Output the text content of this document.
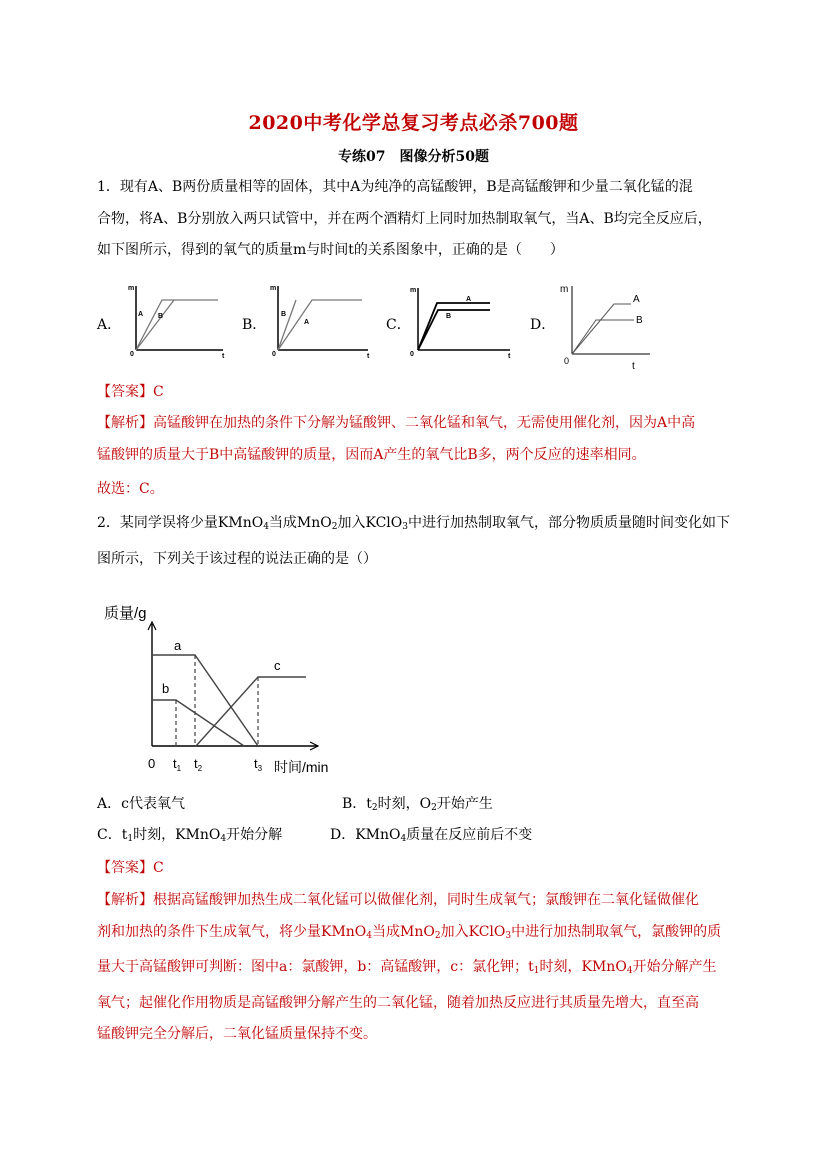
2020中考化学总复习考点必杀700题
专练07　图像分析50题
1．现有A、B两份质量相等的固体，其中A为纯净的高锰酸钾，B是高锰酸钾和少量二氧化锰的混
合物，将A、B分别放入两只试管中，并在两个酒精灯上同时加热制取氧气，当A、B均完全反应后，
如下图所示，得到的氧气的质量m与时间t的关系图象中，正确的是（　　）
A．	B．	C．	D．
m
t
0
A B
m
t
0
B
A
m
t
0
A
B
m
t
0
A
B
【答案】C
【解析】高锰酸钾在加热的条件下分解为锰酸钾、二氧化锰和氧气，无需使用催化剂，因为A中高
锰酸钾的质量大于B中高锰酸钾的质量，因而A产生的氧气比B多，两个反应的速率相同。
故选：C。
2．某同学误将少量KMnO$_4$当成MnO$_2$加入KClO$_3$中进行加热制取氧气，部分物质质量随时间变化如下
图所示，下列关于该过程的说法正确的是（）
质量/g
a
b
c
0 $t_1$ $t_2$	$t_3$ 时间/min
A．c代表氧气	B．$t_2$时刻，$O_2$开始产生
C．$t_1$时刻，KMnO$_4$开始分解	D．KMnO$_4$质量在反应前后不变
【答案】C
【解析】根据高锰酸钾加热生成二氧化锰可以做催化剂，同时生成氧气；氯酸钾在二氧化锰做催化
剂和加热的条件下生成氧气，将少量KMnO$_4$当成MnO$_2$加入KClO$_3$中进行加热制取氧气，氯酸钾的质
量大于高锰酸钾可判断：图中a：氯酸钾，b：高锰酸钾，c：氯化钾；$t_1$时刻，KMnO$_4$开始分解产生
氧气；起催化作用物质是高锰酸钾分解产生的二氧化锰，随着加热反应进行其质量先增大，直至高
锰酸钾完全分解后，二氧化锰质量保持不变。
